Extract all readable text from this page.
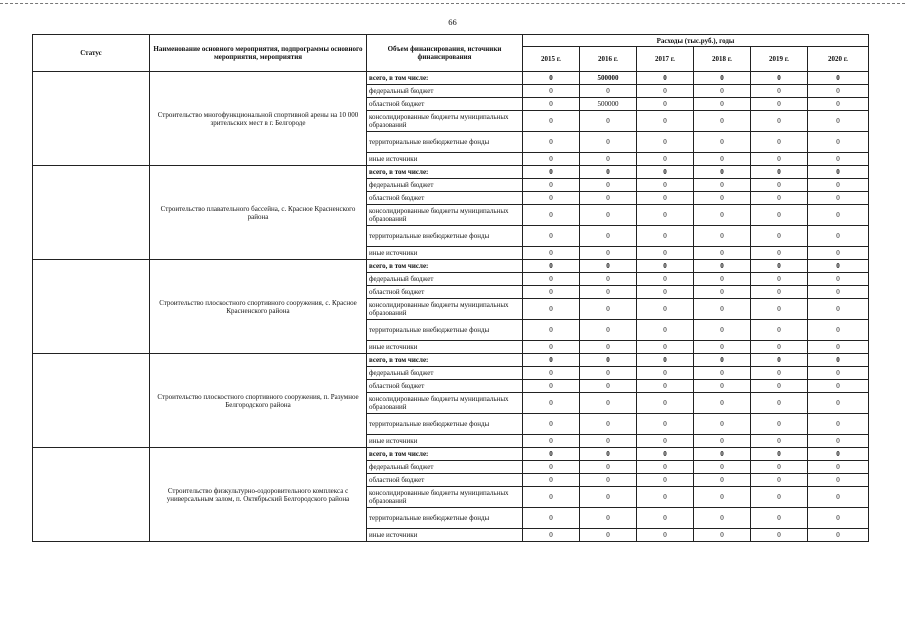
66
Статус	Наименование основного мероприятия, подпрограммы основного мероприятия, мероприятия	Объем финансирования, источники финансирования	Расходы (тыс.руб.), годы					
			2015 г.	2016 г.	2017 г.	2018 г.	2019 г.	2020 г.
	Строительство многофункциональной спортивной арены на 10 000 зрительских мест в г. Белгороде	всего, в том числе:	0	500000	0	0	0	0
		федеральный бюджет	0	0	0	0	0	0
		областной бюджет	0	500000	0	0	0	0
		консолидированные бюджеты муниципальных образований	0	0	0	0	0	0
		территориальные внебюджетные фонды	0	0	0	0	0	0
		иные источники	0	0	0	0	0	0
	Строительство плавательного бассейна, с. Красное Красненского района	всего, в том числе:	0	0	0	0	0	0
		федеральный бюджет	0	0	0	0	0	0
		областной бюджет	0	0	0	0	0	0
		консолидированные бюджеты муниципальных образований	0	0	0	0	0	0
		территориальные внебюджетные фонды	0	0	0	0	0	0
		иные источники	0	0	0	0	0	0
	Строительство плоскостного спортивного сооружения, с. Красное Красненского района	всего, в том числе:	0	0	0	0	0	0
		федеральный бюджет	0	0	0	0	0	0
		областной бюджет	0	0	0	0	0	0
		консолидированные бюджеты муниципальных образований	0	0	0	0	0	0
		территориальные внебюджетные фонды	0	0	0	0	0	0
		иные источники	0	0	0	0	0	0
	Строительство плоскостного спортивного сооружения, п. Разумное Белгородского района	всего, в том числе:	0	0	0	0	0	0
		федеральный бюджет	0	0	0	0	0	0
		областной бюджет	0	0	0	0	0	0
		консолидированные бюджеты муниципальных образований	0	0	0	0	0	0
		территориальные внебюджетные фонды	0	0	0	0	0	0
		иные источники	0	0	0	0	0	0
	Строительство физкультурно-оздоровительного комплекса с универсальным залом, п. Октябрьский Белгородского района	всего, в том числе:	0	0	0	0	0	0
		федеральный бюджет	0	0	0	0	0	0
		областной бюджет	0	0	0	0	0	0
		консолидированные бюджеты муниципальных образований	0	0	0	0	0	0
		территориальные внебюджетные фонды	0	0	0	0	0	0
		иные источники	0	0	0	0	0	0
